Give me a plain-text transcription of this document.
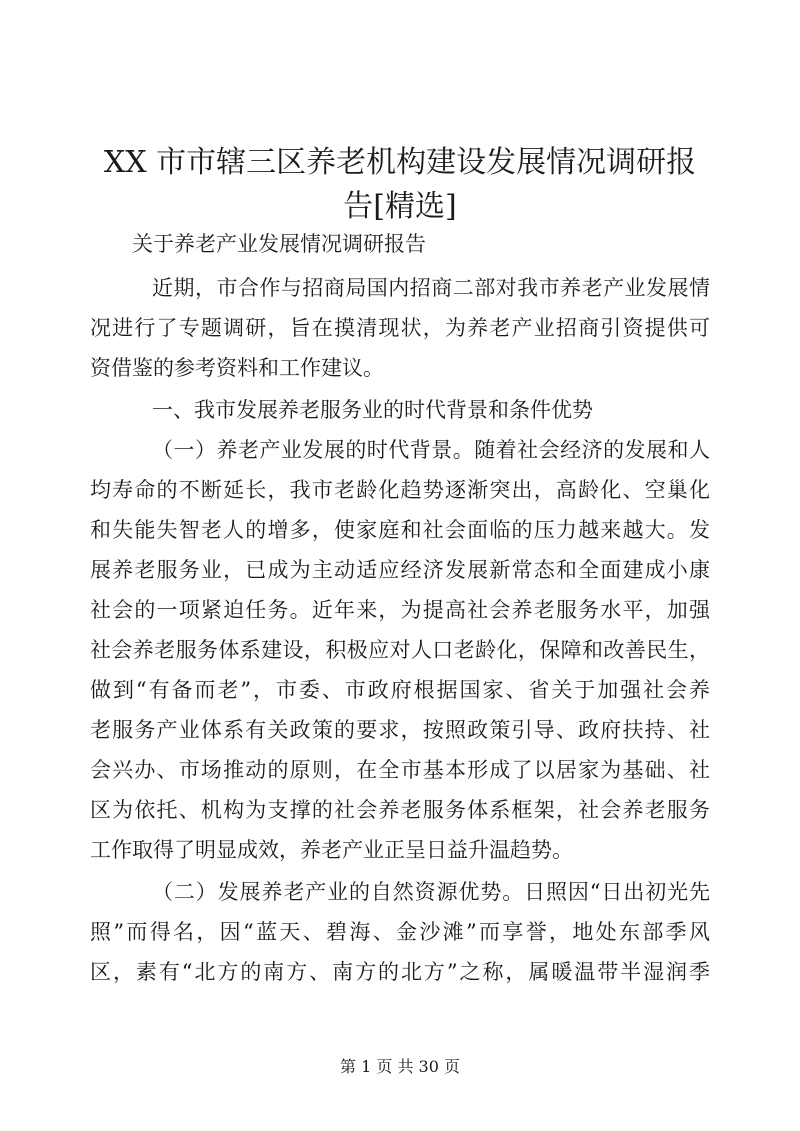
XX 市市辖三区养老机构建设发展情况调研报
告[精选]
关于养老产业发展情况调研报告
近期，市合作与招商局国内招商二部对我市养老产业发展情
况进行了专题调研，旨在摸清现状，为养老产业招商引资提供可
资借鉴的参考资料和工作建议。
一、我市发展养老服务业的时代背景和条件优势
（一）养老产业发展的时代背景。随着社会经济的发展和人
均寿命的不断延长，我市老龄化趋势逐渐突出，高龄化、空巢化
和失能失智老人的增多，使家庭和社会面临的压力越来越大。发
展养老服务业，已成为主动适应经济发展新常态和全面建成小康
社会的一项紧迫任务。近年来，为提高社会养老服务水平，加强
社会养老服务体系建设，积极应对人口老龄化，保障和改善民生，
做到“有备而老”，市委、市政府根据国家、省关于加强社会养
老服务产业体系有关政策的要求，按照政策引导、政府扶持、社
会兴办、市场推动的原则，在全市基本形成了以居家为基础、社
区为依托、机构为支撑的社会养老服务体系框架，社会养老服务
工作取得了明显成效，养老产业正呈日益升温趋势。
（二）发展养老产业的自然资源优势。日照因“日出初光先
照”而得名，因“蓝天、碧海、金沙滩”而享誉，地处东部季风
区，素有“北方的南方、南方的北方”之称，属暖温带半湿润季
第 1 页 共 30 页
